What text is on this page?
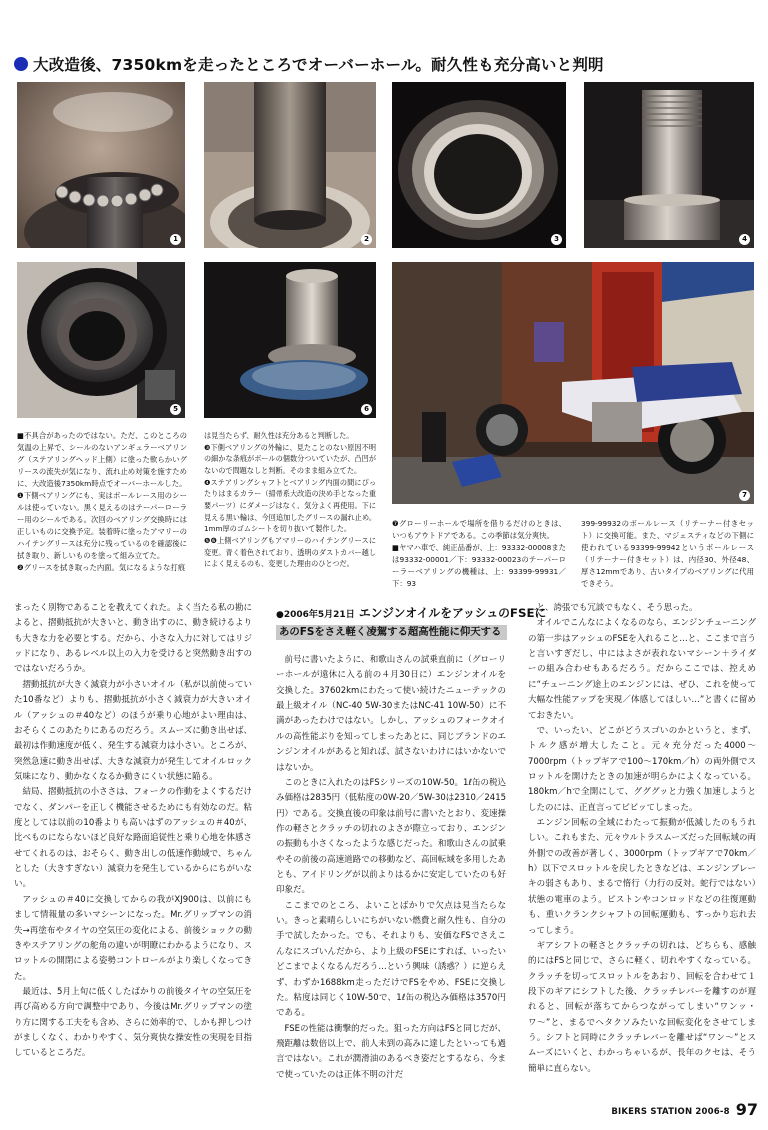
大改造後、7350kmを走ったところでオーバーホール。耐久性も充分高いと判明
1	2	3	4
5	6
7

■不具合があったのではない。ただ、このところの気温の上昇で、シールのないアンギュラーベアリング（ステアリングヘッド上側）に塗った軟らかいグリースの流失が気になり、流れ止め対策を施すために、大改造後7350km時点でオーバーホールした。

❶下側ベアリングにも、実はボールレース用のシールは使っていない。黒く見えるのはテーパーローラー用のシールである。次回のベアリング交換時には正しいものに交換予定。装着時に塗ったアマリーのハイテングリースは充分に残っているのを確認後に拭き取り、新しいものを塗って組み立てた。

❷グリースを拭き取った内面。気になるような打痕

は見当たらず、耐久性は充分あると判断した。

❸下側ベアリングの外輪に、見たことのない原因不明の細かな条痕がボールの個数分ついていたが、凸凹がないので問題なしと判断。そのまま組み立てた。

❹ステアリングシャフトとベアリング内面の間にぴったりはまるカラー（掃帚系大改造の決め手となった重要パーツ）にダメージはなく、気分よく再使用。下に見える黒い輪は、今回追加したグリースの漏れ止め。1mm厚のゴムシートを切り抜いて製作した。

❺❻上側ベアリングもアマリーのハイテングリースに変更。青く着色されており、透明のダストカバー越しによく見えるのも、変更した理由のひとつだ。

❼グローリーホールで場所を借りるだけのときは、いつもアウトドアである。この季節は気分爽快。

■ヤマハ車で、純正品番が、上：93332-00008または93332-00001／下：93332-00023のテーパーローラーベアリングの機種は、上：93399-99931／下：93

399-99932のボールレース（リテーナー付きセット）に交換可能。また、マジェスティなどの下側に使われている93399-99942というボールレース（リテーナー付きセット）は、内径30、外径48、厚さ12mmであり、古いタイプのベアリングに代用できそう。

まったく別物であることを教えてくれた。よく当たる私の勘によると、摺動抵抗が大きいと、動き出すのに、動き続けるよりも大きな力を必要とする。だから、小さな入力に対してはリジッドになり、あるレベル以上の入力を受けると突然動き出すのではないだろうか。

摺動抵抗が大きく減衰力が小さいオイル（私が以前使っていた10番など）よりも、摺動抵抗が小さく減衰力が大きいオイル（アッシュの＃40など）のほうが乗り心地がよい理由は、おそらくこのあたりにあるのだろう。スムーズに動き出せば、最初は作動速度が低く、発生する減衰力は小さい。ところが、突然急速に動き出せば、大きな減衰力が発生してオイルロック気味になり、動かなくなるか動きにくい状態に陥る。

結局、摺動抵抗の小ささは、フォークの作動をよくするだけでなく、ダンパーを正しく機能させるためにも有効なのだ。粘度としては以前の10番よりも高いはずのアッシュの＃40が、比べものにならないほど良好な路面追従性と乗り心地を体感させてくれるのは、おそらく、動き出しの低速作動域で、ちゃんとした（大きすぎない）減衰力を発生しているからにちがいない。

アッシュの＃40に交換してからの我がXJ900は、以前にもまして情報量の多いマシーンになった。Mr.グリップマンの消失→再塗布やタイヤの空気圧の変化による、前後ショックの動きやステアリングの舵角の違いが明瞭にわかるようになり、スロットルの開閉による姿勢コントロールがより楽しくなってきた。

最近は、5月上旬に低くしたばかりの前後タイヤの空気圧を再び高める方向で調整中であり、今後はMr.グリップマンの塗り方に関する工夫をも含め、さらに効率的で、しかも押しつけがましくなく、わかりやすく、気分爽快な操安性の実現を目指しているところだ。

●2006年5月21日 エンジンオイルをアッシュのFSEに
あのFSをさえ軽く凌駕する超高性能に仰天する

前号に書いたように、和歌山さんの試乗直前に（グローリーホールが遠休に入る前の４月30日に）エンジンオイルを交換した。37602kmにわたって使い続けたニューテックの最上級オイル（NC-40 5W-30またはNC-41 10W-50）に不満があったわけではない。しかし、アッシュのフォークオイルの高性能ぶりを知ってしまったあとに、同じブランドのエンジンオイルがあると知れば、試さないわけにはいかないではないか。

このときに入れたのはFSシリーズの10W-50。1ℓ缶の税込み価格は2835円（低粘度の0W-20／5W-30は2310／2415円）である。交換直後の印象は前号に書いたとおり、変速操作の軽さとクラッチの切れのよさが際立っており、エンジンの振動も小さくなったような感じだった。和歌山さんの試乗やその前後の高速道路での移動など、高回転域を多用したあとも、アイドリングが以前よりはるかに安定していたのも好印象だ。

ここまでのところ、よいことばかりで欠点は見当たらない。きっと素晴らしいにちがいない燃費と耐久性も、自分の手で試したかった。でも、それよりも、安価なFSでさえこんなにスゴいんだから、より上級のFSEにすれば、いったいどこまでよくなるんだろう…という興味（誘惑？）に逆らえず、わずか1688km走っただけでFSをやめ、FSEに交換した。粘度は同じく10W-50で、1ℓ缶の税込み価格は3570円である。

FSEの性能は衝撃的だった。狙った方向はFSと同じだが、飛距離は数倍以上で、前人未到の高みに達したといっても過言ではない。これが潤滑油のあるべき姿だとするなら、今まで使っていたのは正体不明の汁だ

…と、誇張でも冗談でもなく、そう思った。

オイルでこんなによくなるのなら、エンジンチューニングの第一歩はアッシュのFSEを入れること…と、ここまで言うと言いすぎだし、中にはよさが表れないマシーン＋ライダーの組み合わせもあるだろう。だからここでは、控えめに“チューニング途上のエンジンには、ぜひ、これを使って大幅な性能アップを実現／体感してほしい…”と書くに留めておきたい。

で、いったい、どこがどうスゴいのかというと、まず、トルク感が増大したこと。元々充分だった4000〜7000rpm（トップギアで100〜170km／h）の両外側でスロットルを開けたときの加速が明らかによくなっている。180km／hで全開にして、グググッと力強く加速しようとしたのには、正直言ってビビッてしまった。

エンジン回転の全域にわたって振動が低減したのもうれしい。これもまた、元々ウルトラスムーズだった回転域の両外側での改善が著しく、3000rpm（トップギアで70km／h）以下でスロットルを戻したときなどは、エンジンブレーキの弱さもあり、まるで惰行（力行の反対。蛇行ではない）状態の電車のよう。ピストンやコンロッドなどの往復運動も、重いクランクシャフトの回転運動も、すっかり忘れ去ってしまう。

ギアシフトの軽さとクラッチの切れは、どちらも、感触的にはFSと同じで、さらに軽く、切れやすくなっている。クラッチを切ってスロットルをあおり、回転を合わせて１段下のギアにシフトした後、クラッチレバーを離すのが遅れると、回転が落ちてからつながってしまい“ワンッ・ワ〜”と、まるでヘタクソみたいな回転変化をさせてしまう。シフトと同時にクラッチレバーを離せば“ワン〜”とスムーズにいくと、わかっちゃいるが、長年のクセは、そう簡単に直らない。

BIKERS STATION 2006-8 97
